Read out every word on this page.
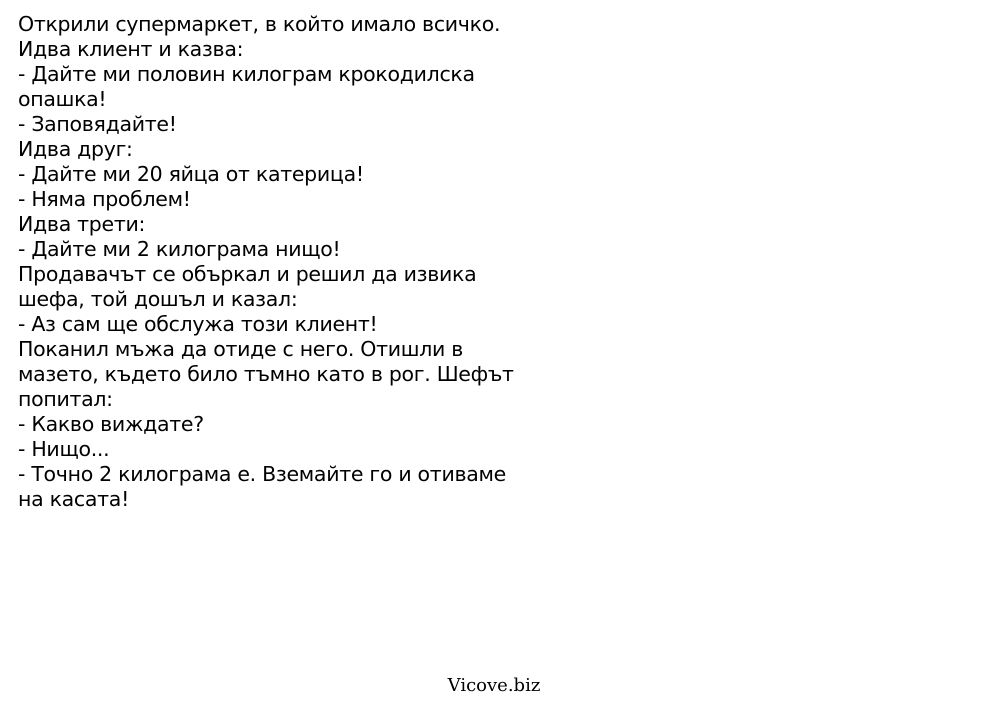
Открили супермаркет, в който имало всичко.
Идва клиент и казва:
- Дайте ми половин килограм крокодилска
опашка!
- Заповядайте!
Идва друг:
- Дайте ми 20 яйца от катерица!
- Няма проблем!
Идва трети:
- Дайте ми 2 килограма нищо!
Продавачът се объркал и решил да извика
шефа, той дошъл и казал:
- Аз сам ще обслужа този клиент!
Поканил мъжа да отиде с него. Отишли в
мазето, където било тъмно като в рог. Шефът
попитал:
- Какво виждате?
- Нищо...
- Точно 2 килограма е. Вземайте го и отиваме
на касата!
Vicove.biz
